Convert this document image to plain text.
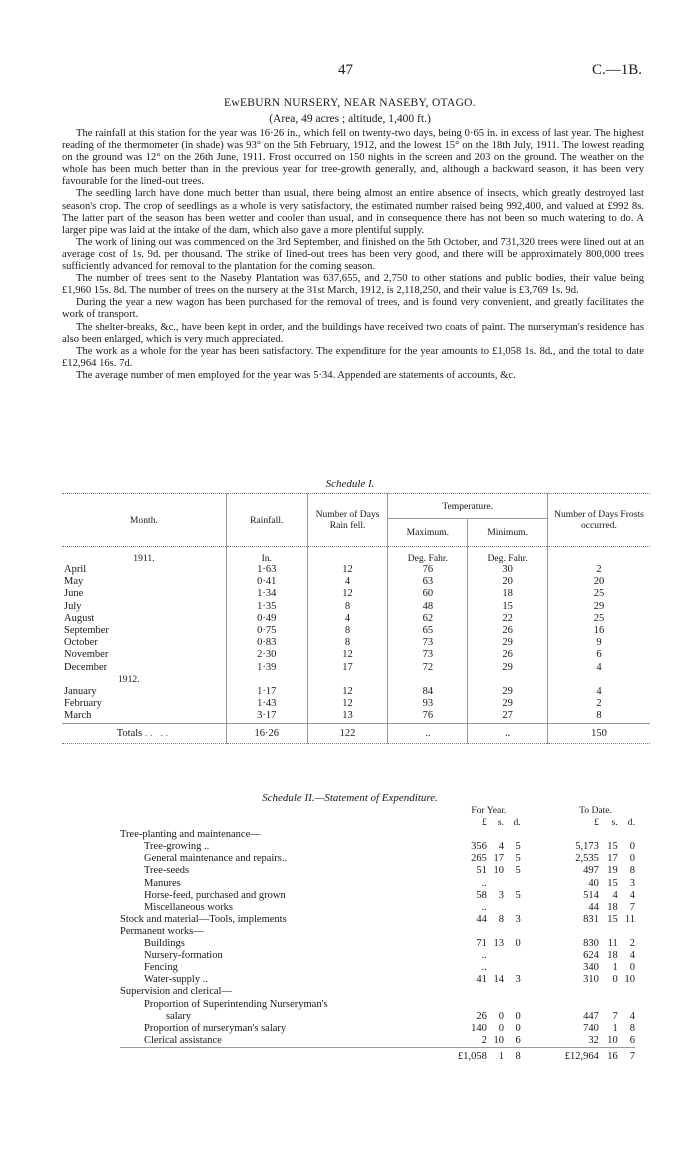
47	C.—1B.
EwEBURN NURSERY, NEAR NASEBY, OTAGO.
(Area, 49 acres ; altitude, 1,400 ft.)

The rainfall at this station for the year was 16·26 in., which fell on twenty-two days, being 0·65 in. in excess of last year. The highest reading of the thermometer (in shade) was 93° on the 5th February, 1912, and the lowest 15° on the 18th July, 1911. The lowest reading on the ground was 12° on the 26th June, 1911. Frost occurred on 150 nights in the screen and 203 on the ground. The weather on the whole has been much better than in the previous year for tree-growth generally, and, although a backward season, it has been very favourable for the lined-out trees.

The seedling larch have done much better than usual, there being almost an entire absence of insects, which greatly destroyed last season's crop. The crop of seedlings as a whole is very satisfactory, the estimated number raised being 992,400, and valued at £992 8s. The latter part of the season has been wetter and cooler than usual, and in consequence there has not been so much watering to do. A larger pipe was laid at the intake of the dam, which also gave a more plentiful supply.

The work of lining out was commenced on the 3rd September, and finished on the 5th October, and 731,320 trees were lined out at an average cost of 1s. 9d. per thousand. The strike of lined-out trees has been very good, and there will be approximately 800,000 trees sufficiently advanced for removal to the plantation for the coming season.

The number of trees sent to the Naseby Plantation was 637,655, and 2,750 to other stations and public bodies, their value being £1,960 15s. 8d. The number of trees on the nursery at the 31st March, 1912, is 2,118,250, and their value is £3,769 1s. 9d.

During the year a new wagon has been purchased for the removal of trees, and is found very convenient, and greatly facilitates the work of transport.

The shelter-breaks, &c., have been kept in order, and the buildings have received two coats of paint. The nurseryman's residence has also been enlarged, which is very much appreciated.

The work as a whole for the year has been satisfactory. The expenditure for the year amounts to £1,058 1s. 8d., and the total to date £12,964 16s. 7d.

The average number of men employed for the year was 5·34. Appended are statements of accounts, &c.

Schedule I.
Month.	Rainfall.	Number of Days Rain fell.	Temperature.		Number of Days Frosts occurred.
			Maximum.	Minimum.	
1911.	In.		Deg. Fahr.	Deg. Fahr.	
April	1·63	12	76	30	2
May	0·41	4	63	20	20
June	1·34	12	60	18	25
July	1·35	8	48	15	29
August	0·49	4	62	22	25
September	0·75	8	65	26	16
October	0·83	8	73	29	9
November	2·30	12	73	26	6
December	1·39	17	72	29	4
1912.					
January	1·17	12	84	29	4
February	1·43	12	93	29	2
March	3·17	13	76	27	8
Totals .. ..	16·26	122	..	..	150
Schedule II.—Statement of Expenditure.
		For Year.				To Date.		
		£	s.	d.		£	s.	d.
Tree-planting and maintenance—								
Tree-growing ..		356	4	5		5,173	15	0
General maintenance and repairs..		265	17	5		2,535	17	0
Tree-seeds		51	10	5		497	19	8
Manures		..				40	15	3
Horse-feed, purchased and grown		58	3	5		514	4	4
Miscellaneous works		..				44	18	7
Stock and material—Tools, implements		44	8	3		831	15	11
Permanent works—								
Buildings		71	13	0		830	11	2
Nursery-formation		..				624	18	4
Fencing		..				340	1	0
Water-supply ..		41	14	3		310	0	10
Supervision and clerical—								
Proportion of Superintending Nurseryman's								
salary		26	0	0		447	7	4
Proportion of nurseryman's salary		140	0	0		740	1	8
Clerical assistance		2	10	6		32	10	6
		£1,058	1	8		£12,964	16	7
